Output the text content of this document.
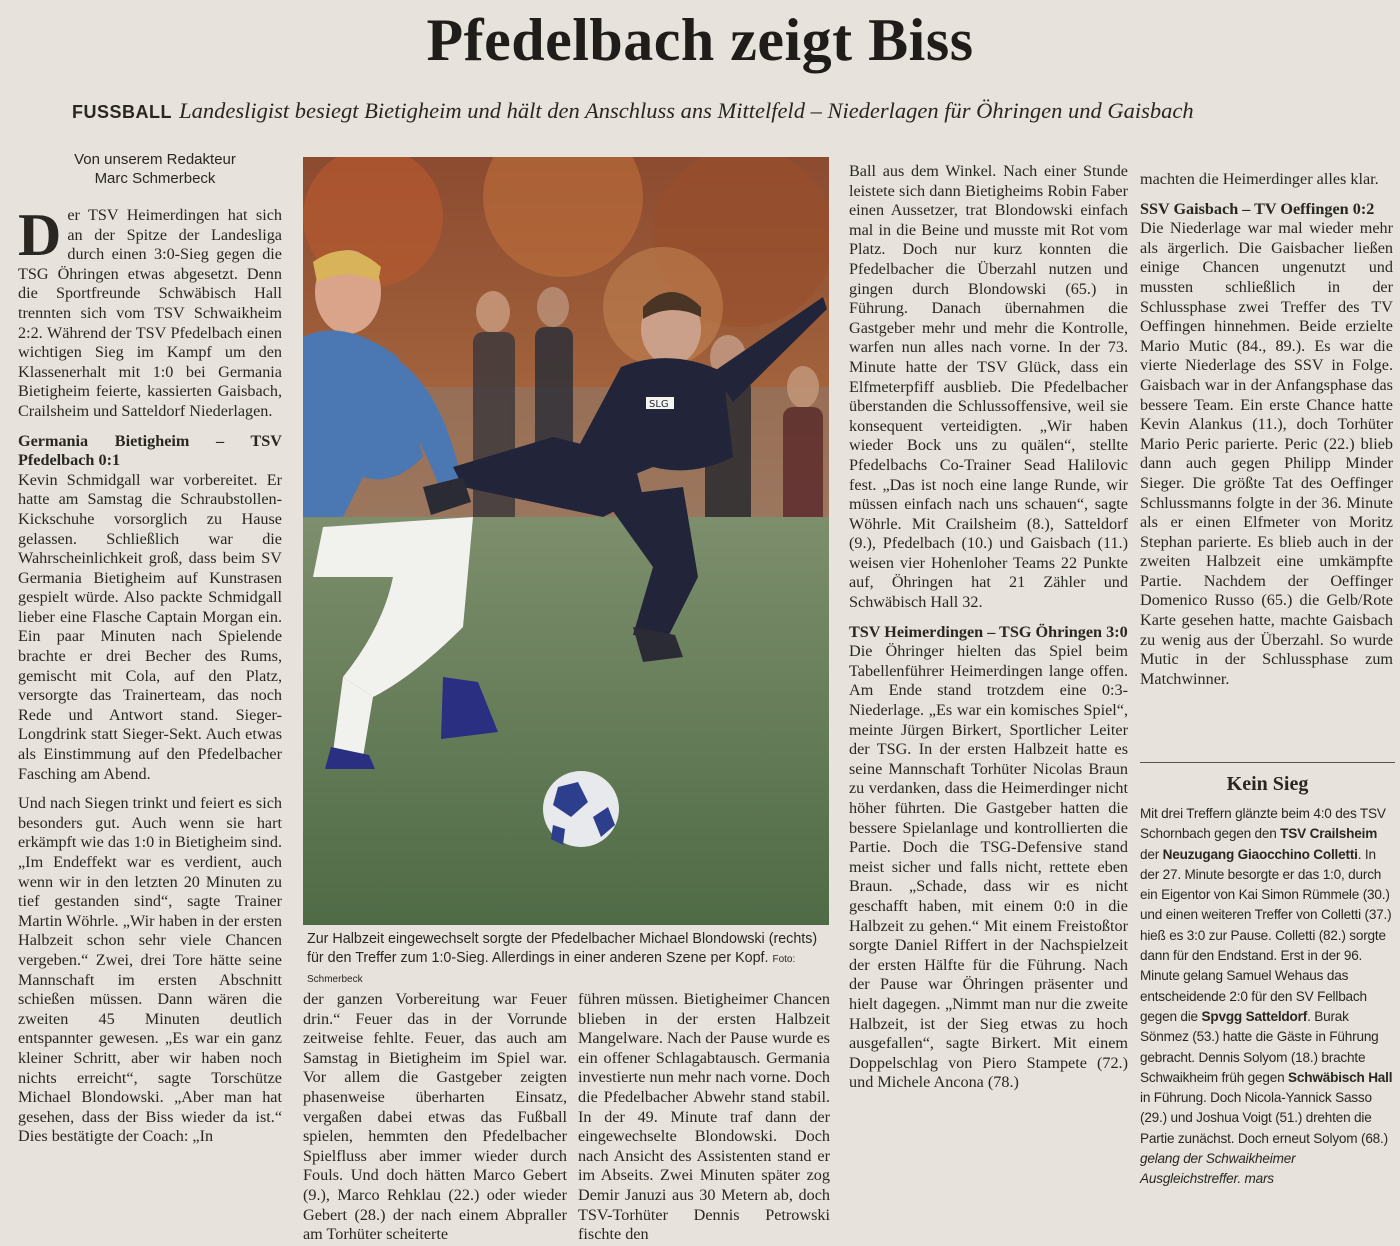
Pfedelbach zeigt Biss
FUSSBALL Landesligist besiegt Bietigheim und hält den Anschluss ans Mittelfeld – Niederlagen für Öhringen und Gaisbach
Von unserem Redakteur
Marc Schmerbeck

D er TSV Heimerdingen hat sich an der Spitze der Landesliga durch einen 3:0-Sieg gegen die TSG Öhringen etwas abgesetzt. Denn die Sportfreunde Schwäbisch Hall trennten sich vom TSV Schwaikheim 2:2. Während der TSV Pfedelbach einen wichtigen Sieg im Kampf um den Klassenerhalt mit 1:0 bei Germania Bietigheim feierte, kassierten Gaisbach, Crailsheim und Satteldorf Niederlagen.

Germania Bietigheim – TSV Pfedelbach 0:1

Kevin Schmidgall war vorbereitet. Er hatte am Samstag die Schraubstollen-Kickschuhe vorsorglich zu Hause gelassen. Schließlich war die Wahrscheinlichkeit groß, dass beim SV Germania Bietigheim auf Kunstrasen gespielt würde. Also packte Schmidgall lieber eine Flasche Captain Morgan ein. Ein paar Minuten nach Spielende brachte er drei Becher des Rums, gemischt mit Cola, auf den Platz, versorgte das Trainerteam, das noch Rede und Antwort stand. Sieger-Longdrink statt Sieger-Sekt. Auch etwas als Einstimmung auf den Pfedelbacher Fasching am Abend.

Und nach Siegen trinkt und feiert es sich besonders gut. Auch wenn sie hart erkämpft wie das 1:0 in Bietigheim sind. „Im Endeffekt war es verdient, auch wenn wir in den letzten 20 Minuten zu tief gestanden sind“, sagte Trainer Martin Wöhrle. „Wir haben in der ersten Halbzeit schon sehr viele Chancen vergeben.“ Zwei, drei Tore hätte seine Mannschaft im ersten Abschnitt schießen müssen. Dann wären die zweiten 45 Minuten deutlich entspannter gewesen. „Es war ein ganz kleiner Schritt, aber wir haben noch nichts erreicht“, sagte Torschütze Michael Blondowski. „Aber man hat gesehen, dass der Biss wieder da ist.“ Dies bestätigte der Coach: „In

SLG
Zur Halbzeit eingewechselt sorgte der Pfedelbacher Michael Blondowski (rechts) für den Treffer zum 1:0-Sieg. Allerdings in einer anderen Szene per Kopf. Foto: Schmerbeck

der ganzen Vorbereitung war Feuer drin.“ Feuer das in der Vorrunde zeitweise fehlte. Feuer, das auch am Samstag in Bietigheim im Spiel war. Vor allem die Gastgeber zeigten phasenweise überharten Einsatz, vergaßen dabei etwas das Fußball spielen, hemmten den Pfedelbacher Spielfluss aber immer wieder durch Fouls. Und doch hätten Marco Gebert (9.), Marco Rehklau (22.) oder wieder Gebert (28.) der nach einem Abpraller am Torhüter scheiterte

führen müssen. Bietigheimer Chancen blieben in der ersten Halbzeit Mangelware. Nach der Pause wurde es ein offener Schlagabtausch. Germania investierte nun mehr nach vorne. Doch die Pfedelbacher Abwehr stand stabil. In der 49. Minute traf dann der eingewechselte Blondowski. Doch nach Ansicht des Assistenten stand er im Abseits. Zwei Minuten später zog Demir Januzi aus 30 Metern ab, doch TSV-Torhüter Dennis Petrowski fischte den

Ball aus dem Winkel. Nach einer Stunde leistete sich dann Bietigheims Robin Faber einen Aussetzer, trat Blondowski einfach mal in die Beine und musste mit Rot vom Platz. Doch nur kurz konnten die Pfedelbacher die Überzahl nutzen und gingen durch Blondowski (65.) in Führung. Danach übernahmen die Gastgeber mehr und mehr die Kontrolle, warfen nun alles nach vorne. In der 73. Minute hatte der TSV Glück, dass ein Elfmeterpfiff ausblieb. Die Pfedelbacher überstanden die Schlussoffensive, weil sie konsequent verteidigten. „Wir haben wieder Bock uns zu quälen“, stellte Pfedelbachs Co-Trainer Sead Halilovic fest. „Das ist noch eine lange Runde, wir müssen einfach nach uns schauen“, sagte Wöhrle. Mit Crailsheim (8.), Satteldorf (9.), Pfedelbach (10.) und Gaisbach (11.) weisen vier Hohenloher Teams 22 Punkte auf, Öhringen hat 21 Zähler und Schwäbisch Hall 32.

TSV Heimerdingen – TSG Öhringen 3:0

Die Öhringer hielten das Spiel beim Tabellenführer Heimerdingen lange offen. Am Ende stand trotzdem eine 0:3-Niederlage. „Es war ein komisches Spiel“, meinte Jürgen Birkert, Sportlicher Leiter der TSG. In der ersten Halbzeit hatte es seine Mannschaft Torhüter Nicolas Braun zu verdanken, dass die Heimerdinger nicht höher führten. Die Gastgeber hatten die bessere Spielanlage und kontrollierten die Partie. Doch die TSG-Defensive stand meist sicher und falls nicht, rettete eben Braun. „Schade, dass wir es nicht geschafft haben, mit einem 0:0 in die Halbzeit zu gehen.“ Mit einem Freistoßtor sorgte Daniel Riffert in der Nachspielzeit der ersten Hälfte für die Führung. Nach der Pause war Öhringen präsenter und hielt dagegen. „Nimmt man nur die zweite Halbzeit, ist der Sieg etwas zu hoch ausgefallen“, sagte Birkert. Mit einem Doppelschlag von Piero Stampete (72.) und Michele Ancona (78.)

machten die Heimerdinger alles klar.

SSV Gaisbach – TV Oeffingen 0:2

Die Niederlage war mal wieder mehr als ärgerlich. Die Gaisbacher ließen einige Chancen ungenutzt und mussten schließlich in der Schlussphase zwei Treffer des TV Oeffingen hinnehmen. Beide erzielte Mario Mutic (84., 89.). Es war die vierte Niederlage des SSV in Folge. Gaisbach war in der Anfangsphase das bessere Team. Ein erste Chance hatte Kevin Alankus (11.), doch Torhüter Mario Peric parierte. Peric (22.) blieb dann auch gegen Philipp Minder Sieger. Die größte Tat des Oeffinger Schlussmanns folgte in der 36. Minute als er einen Elfmeter von Moritz Stephan parierte. Es blieb auch in der zweiten Halbzeit eine umkämpfte Partie. Nachdem der Oeffinger Domenico Russo (65.) die Gelb/Rote Karte gesehen hatte, machte Gaisbach zu wenig aus der Überzahl. So wurde Mutic in der Schlussphase zum Matchwinner.

Kein Sieg
Mit drei Treffern glänzte beim 4:0 des TSV Schornbach gegen den TSV Crailsheim der Neuzugang Giaocchino Colletti. In der 27. Minute besorgte er das 1:0, durch ein Eigentor von Kai Simon Rümmele (30.) und einen weiteren Treffer von Colletti (37.) hieß es 3:0 zur Pause. Colletti (82.) sorgte dann für den Endstand. Erst in der 96. Minute gelang Samuel Wehaus das entscheidende 2:0 für den SV Fellbach gegen die Spvgg Satteldorf. Burak Sönmez (53.) hatte die Gäste in Führung gebracht. Dennis Solyom (18.) brachte Schwaikheim früh gegen Schwäbisch Hall in Führung. Doch Nicola-Yannick Sasso (29.) und Joshua Voigt (51.) drehten die Partie zunächst. Doch erneut Solyom (68.) gelang der Schwaikheimer Ausgleichstreffer. mars
